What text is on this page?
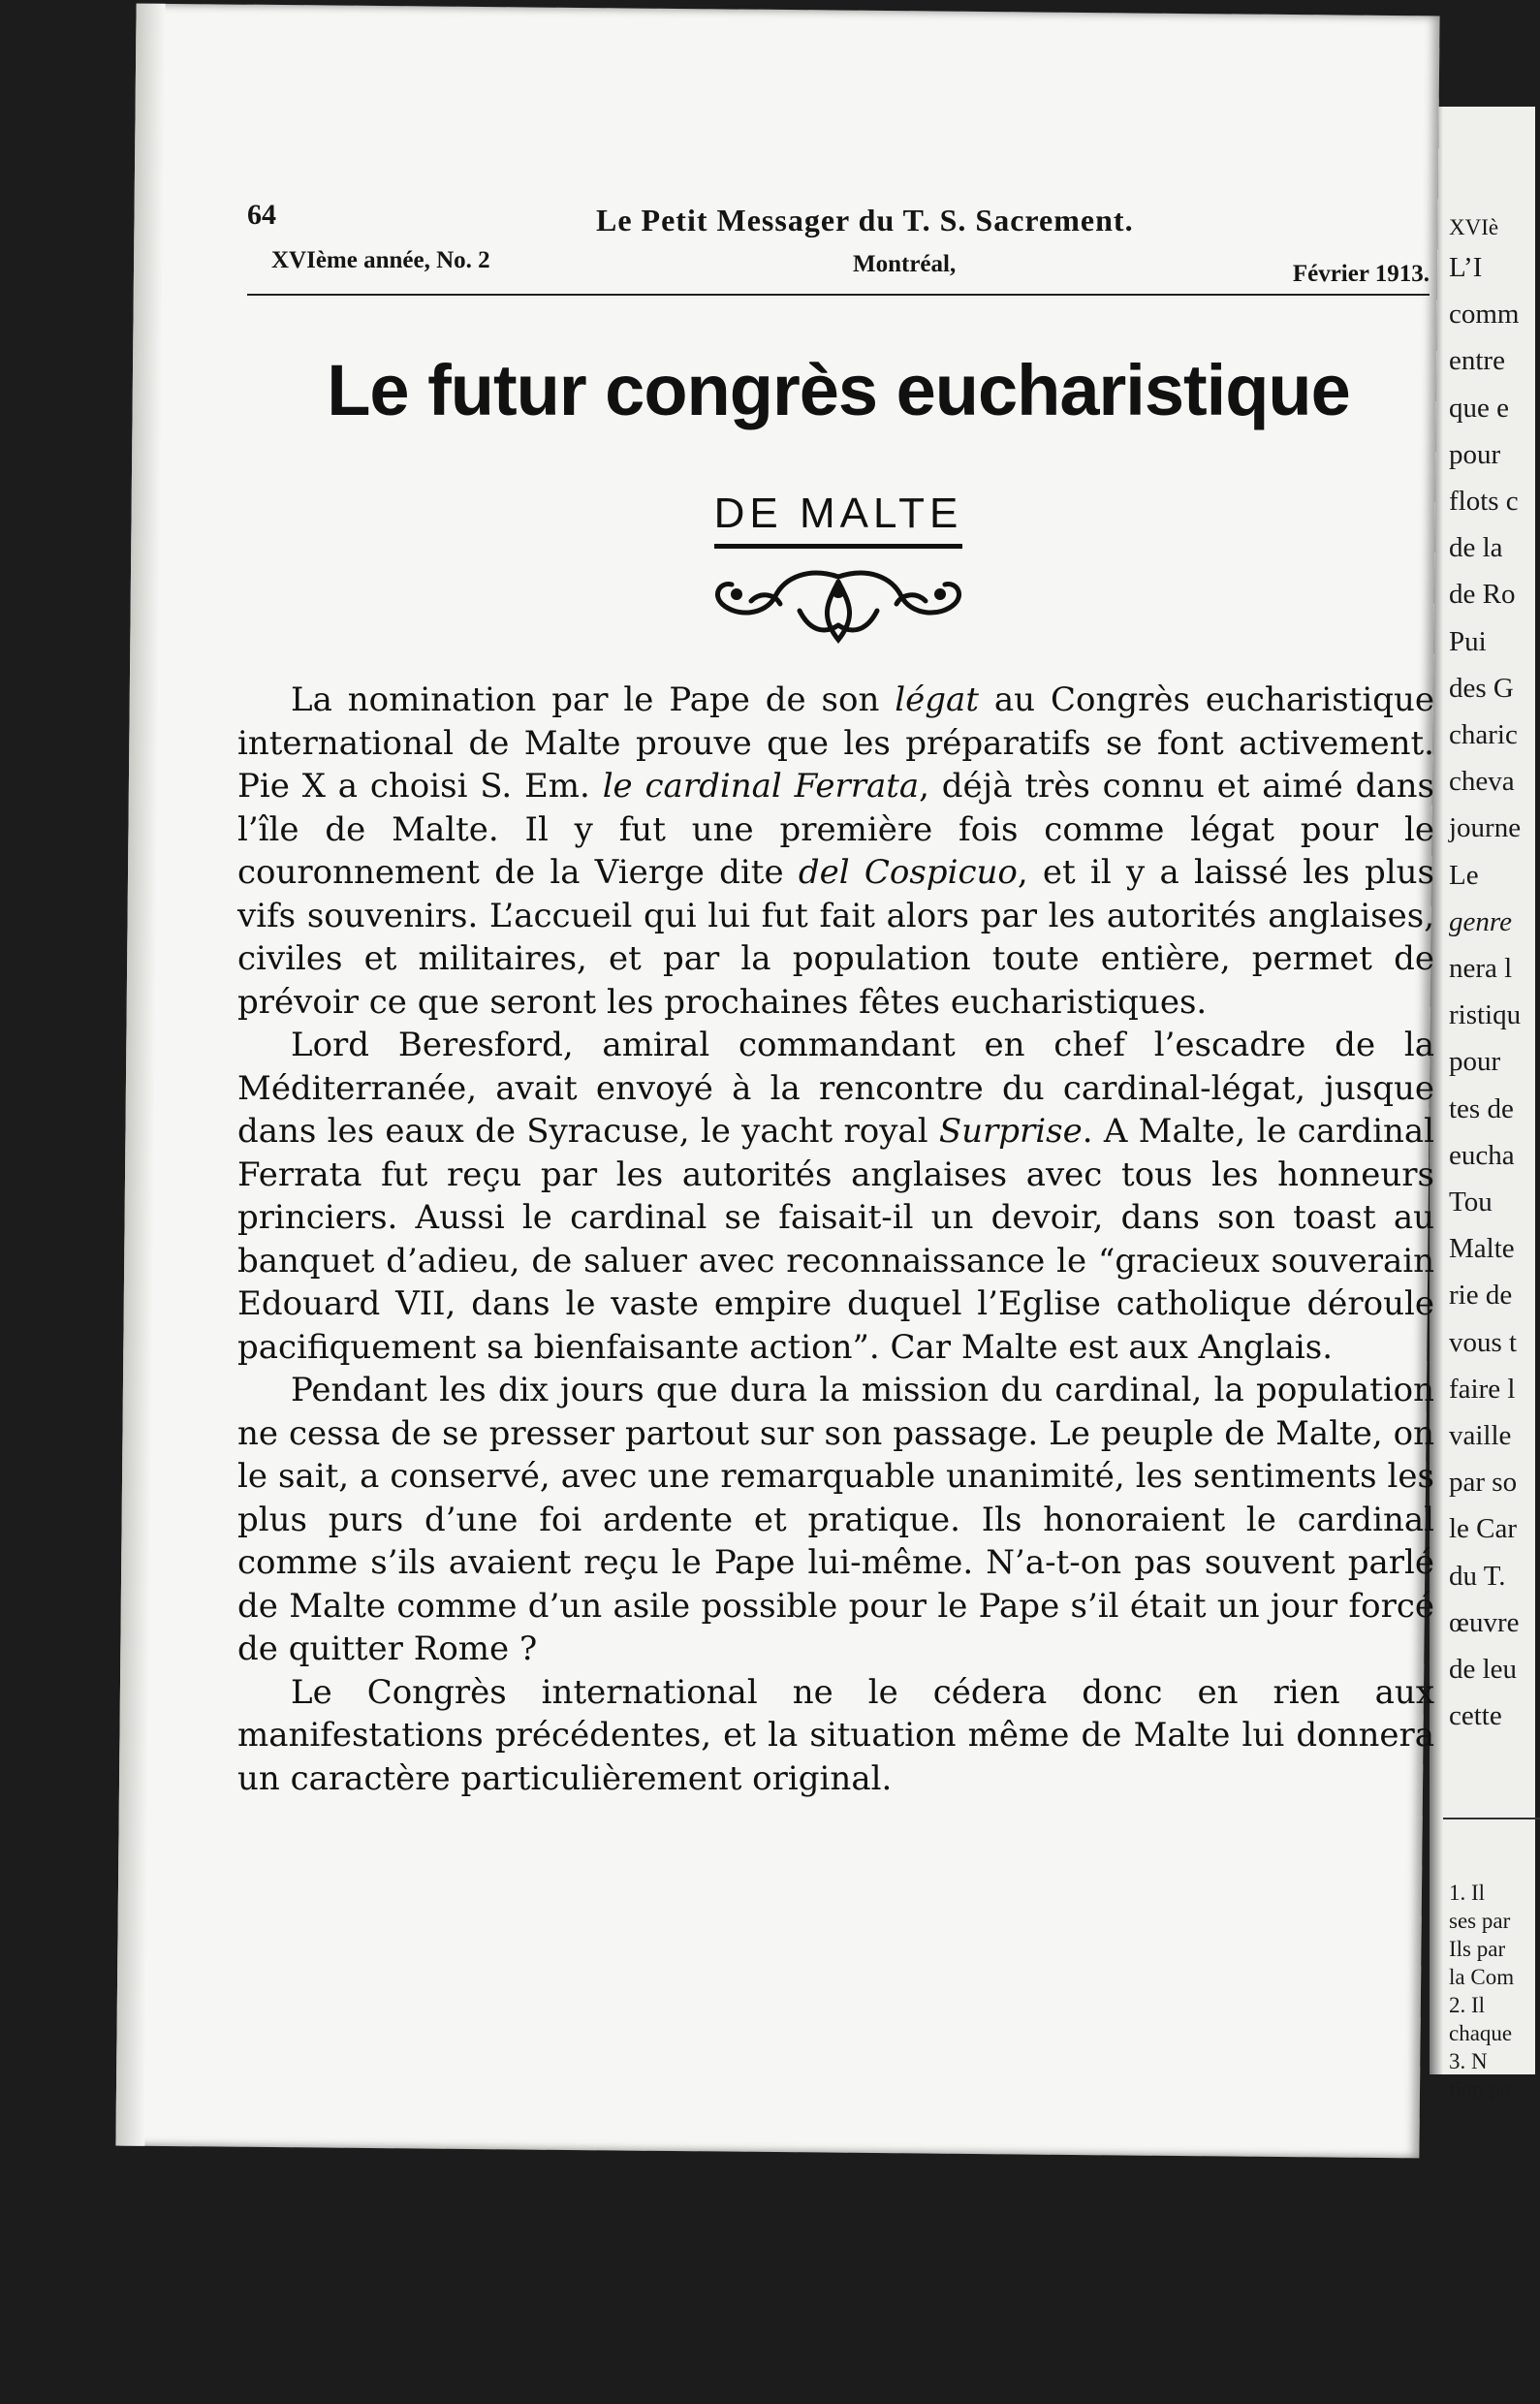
XVIè
L’I
comm
entre
que e
pour
flots c
de la
de Ro
Pui
des G
charic
cheva
journe
Le
genre
nera l
ristiqu
pour
tes de
eucha
Tou
Malte
rie de
vous t
faire l
vaille
par so
le Car
du T.
œuvre
de leu
cette
1. Il
ses par
Ils par
la Com
2. Il
chaque
3. N
tion pe
64	Le Petit Messager du T. S. Sacrement.
XVIème année, No. 2	Montréal,	Février 1913.
Le futur congrès eucharistique
DE MALTE

La nomination par le Pape de son légat au Congrès eucharistique international de Malte prouve que les préparatifs se font activement. Pie X a choisi S. Em. le cardinal Ferrata, déjà très connu et aimé dans l’île de Malte. Il y fut une première fois comme légat pour le couronnement de la Vierge dite del Cospicuo, et il y a laissé les plus vifs souvenirs. L’accueil qui lui fut fait alors par les autorités anglaises, civiles et militaires, et par la population toute entière, permet de prévoir ce que seront les prochaines fêtes eucharistiques.

Lord Beresford, amiral commandant en chef l’escadre de la Méditerranée, avait envoyé à la rencontre du cardinal-légat, jusque dans les eaux de Syracuse, le yacht royal Surprise. A Malte, le cardinal Ferrata fut reçu par les autorités anglaises avec tous les honneurs princiers. Aussi le cardinal se faisait-il un devoir, dans son toast au banquet d’adieu, de saluer avec reconnaissance le “gracieux souverain Edouard VII, dans le vaste empire duquel l’Eglise catholique déroule pacifiquement sa bienfaisante action”. Car Malte est aux Anglais.

Pendant les dix jours que dura la mission du cardinal, la population ne cessa de se presser partout sur son passage. Le peuple de Malte, on le sait, a conservé, avec une remarquable unanimité, les sentiments les plus purs d’une foi ardente et pratique. Ils honoraient le cardinal comme s’ils avaient reçu le Pape lui-même. N’a-t-on pas souvent parlé de Malte comme d’un asile possible pour le Pape s’il était un jour forcé de quitter Rome ?

Le Congrès international ne le cédera donc en rien aux manifestations précédentes, et la situation même de Malte lui donnera un caractère particulièrement original.
